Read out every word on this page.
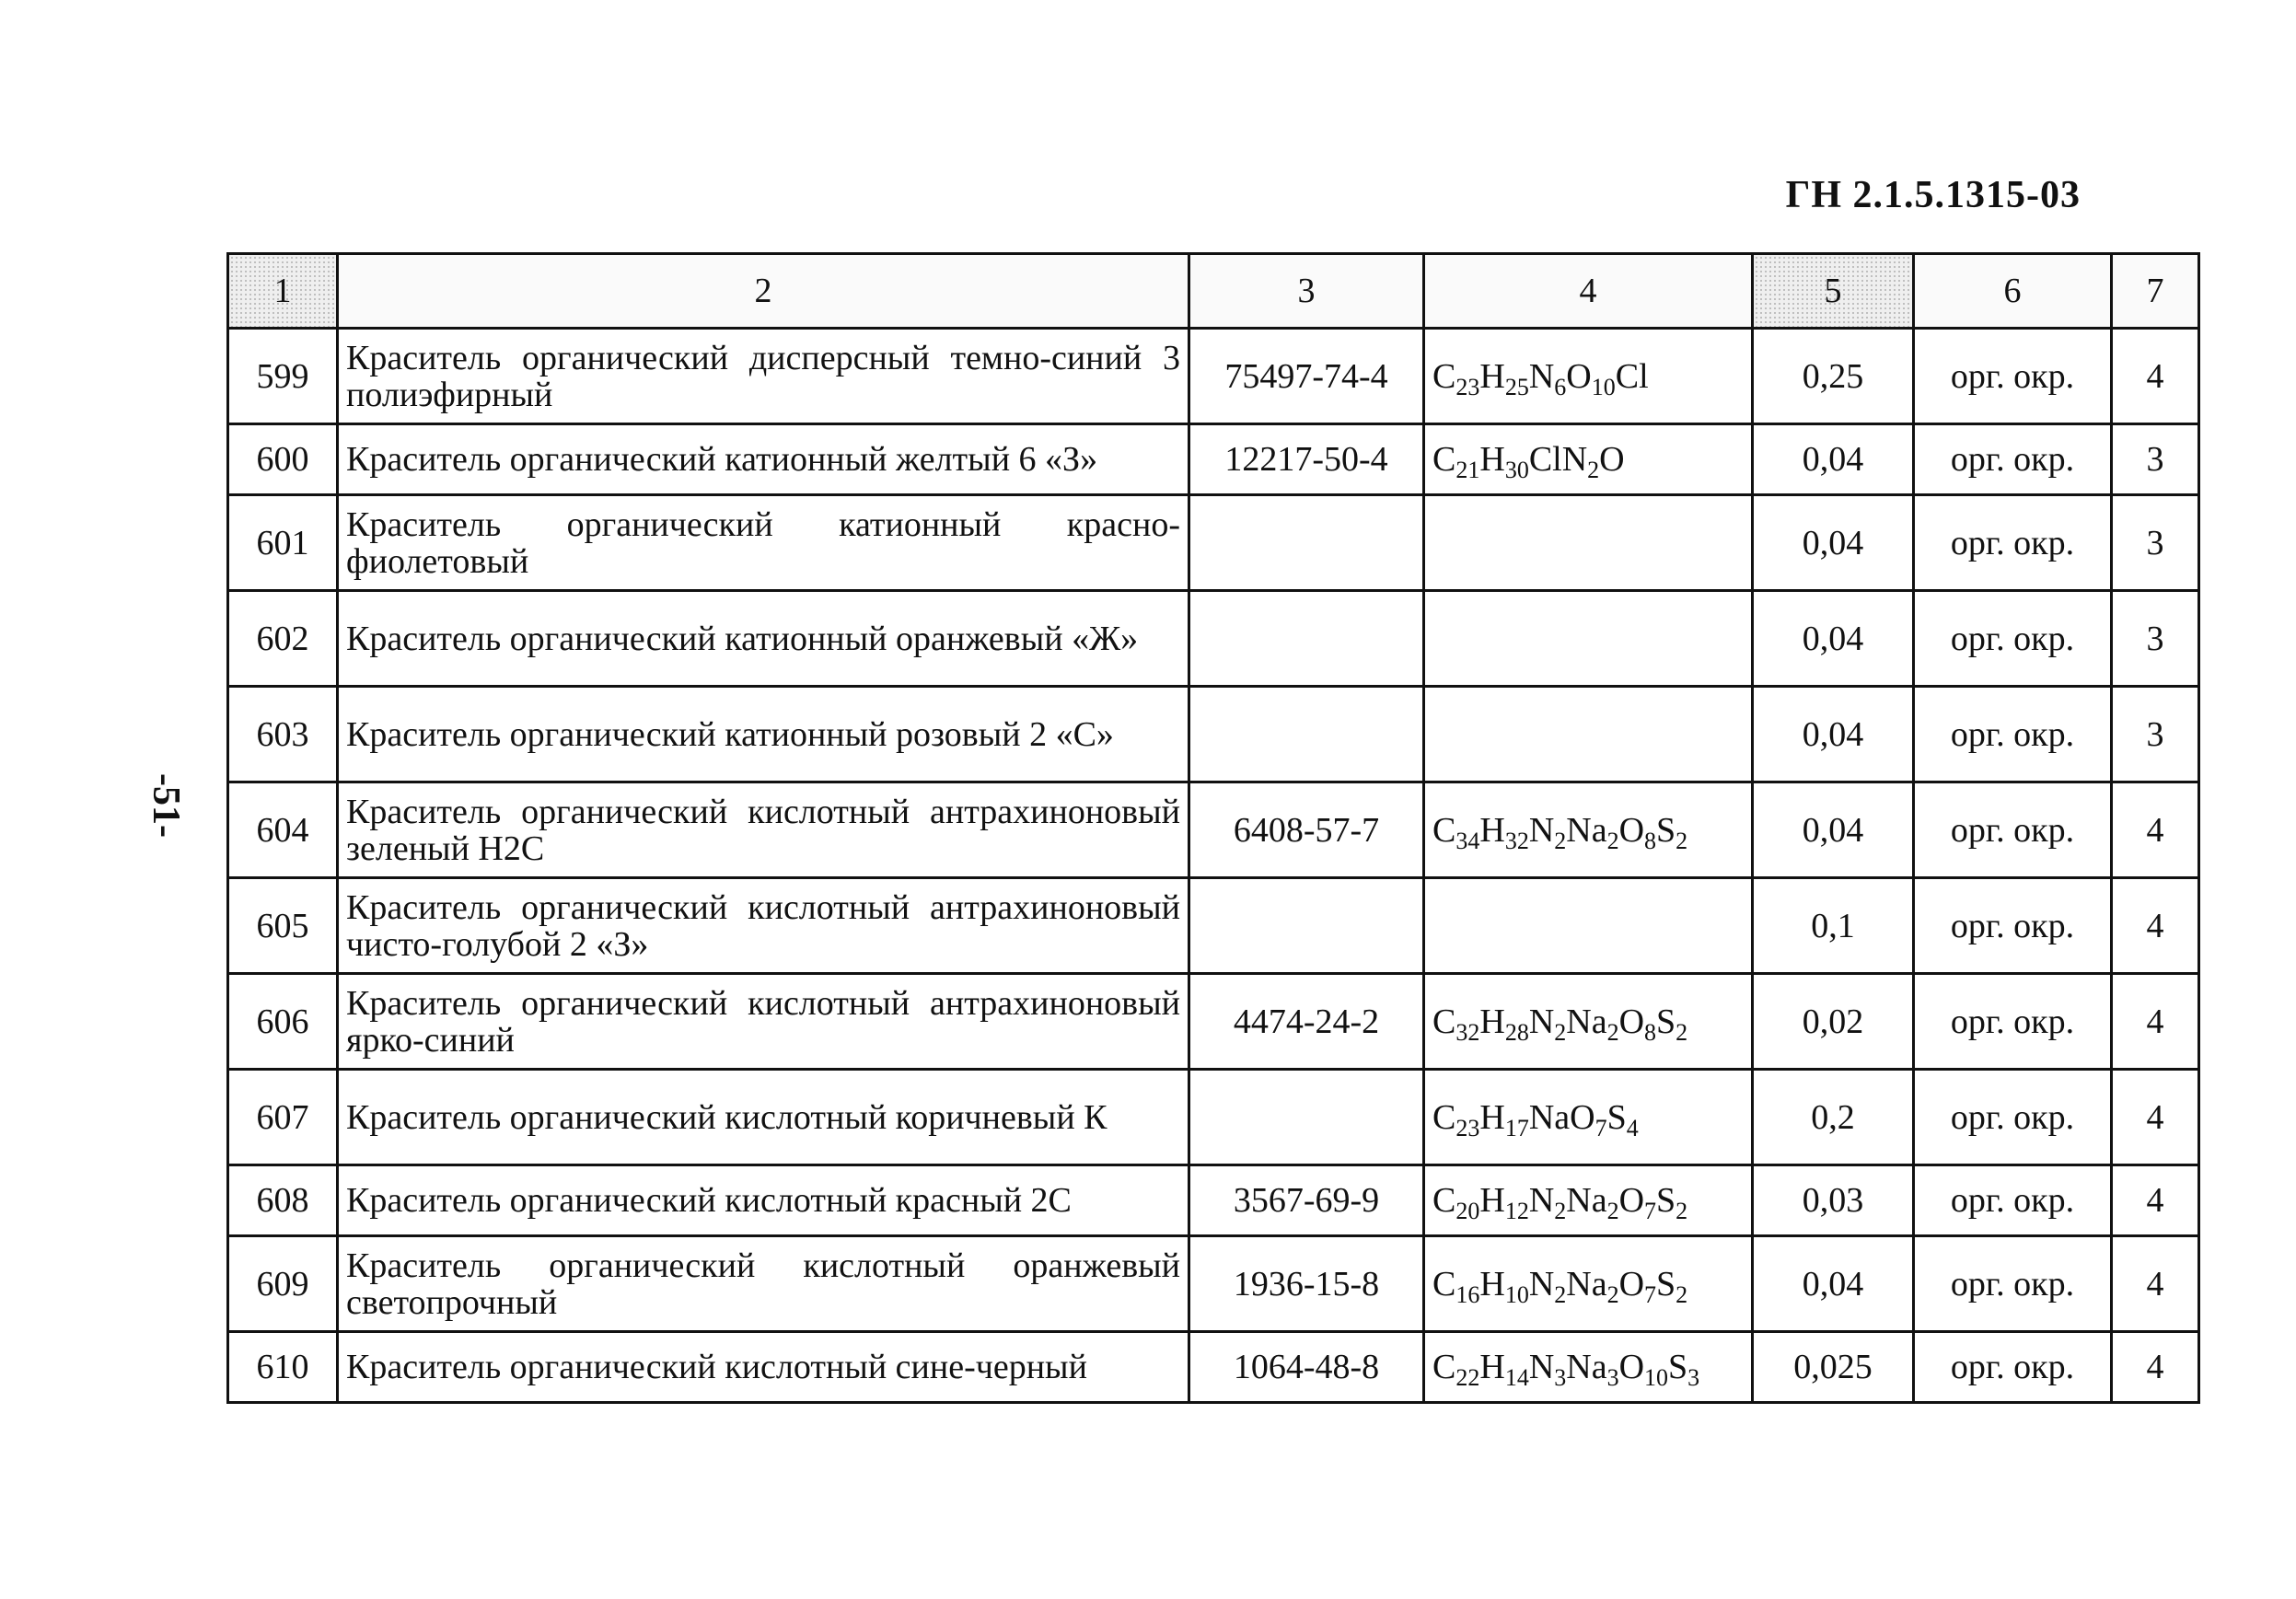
ГН 2.1.5.1315-03
-51-
1	2	3	4	5	6	7
599	Краситель органический дисперсный темно-синий 3 полиэфирный	75497-74-4	$C_{23}H_{25}N_6O_{10}Cl$	0,25	орг. окр.	4
600	Краситель органический катионный желтый 6 «З»	12217-50-4	$C_{21}H_{30}ClN_2O$	0,04	орг. окр.	3
601	Краситель органический катионный красно-фиолетовый			0,04	орг. окр.	3
602	Краситель органический катионный оранжевый «Ж»			0,04	орг. окр.	3
603	Краситель органический катионный розовый 2 «С»			0,04	орг. окр.	3
604	Краситель органический кислотный антрахиноновый зеленый Н2С	6408-57-7	$C_{34}H_{32}N_2Na_2O_8S_2$	0,04	орг. окр.	4
605	Краситель органический кислотный антрахиноновый чисто-голубой 2 «З»			0,1	орг. окр.	4
606	Краситель органический кислотный антрахиноновый ярко-синий	4474-24-2	$C_{32}H_{28}N_2Na_2O_8S_2$	0,02	орг. окр.	4
607	Краситель органический кислотный коричневый К		$C_{23}H_{17}NaO_7S_4$	0,2	орг. окр.	4
608	Краситель органический кислотный красный 2С	3567-69-9	$C_{20}H_{12}N_2Na_2O_7S_2$	0,03	орг. окр.	4
609	Краситель органический кислотный оранжевый светопрочный	1936-15-8	$C_{16}H_{10}N_2Na_2O_7S_2$	0,04	орг. окр.	4
610	Краситель органический кислотный сине-черный	1064-48-8	$C_{22}H_{14}N_3Na_3O_{10}S_3$	0,025	орг. окр.	4
